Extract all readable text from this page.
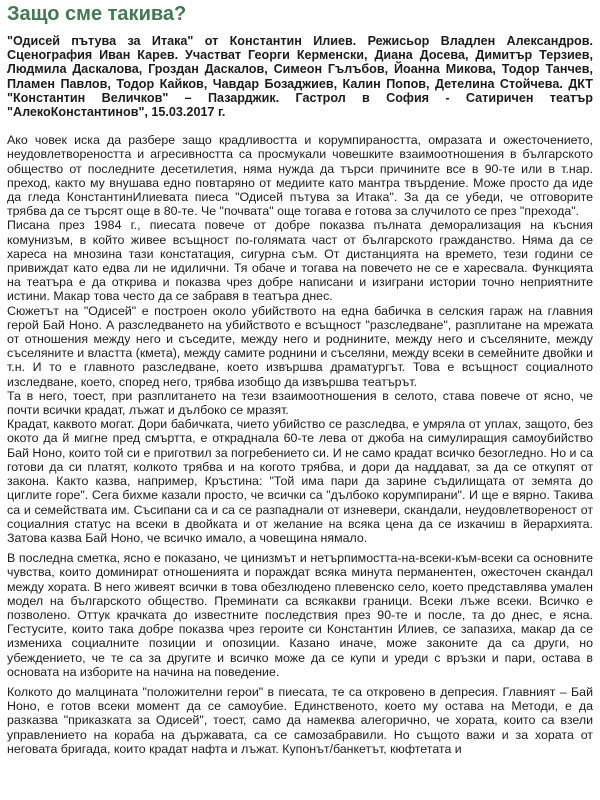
Защо сме такива?

"Одисей пътува за Итака" от Константин Илиев. Режисьор Владлен Александров. Сценография Иван Карев. Участват Георги Керменски, Диана Досева, Димитър Терзиев, Людмила Даскалова, Гроздан Даскалов, Симеон Гълъбов, Йоанна Микова, Тодор Танчев, Пламен Павлов, Тодор Кайков, Чавдар Бозаджиев, Калин Попов, Детелина Стойчева. ДКТ "Константин Величков" – Пазарджик. Гастрол в София - Сатиричен театър "АлекоКонстантинов", 15.03.2017 г.

Ако човек иска да разбере защо крадливостта и корумпираността, омразата и ожесточението, неудовлетвореността и агресивността са просмукали човешките взаимоотношения в българското общество от последните десетилетия, няма нужда да търси причините все в 90-те или в т.нар. преход, както му внушава едно повтаряно от медиите като мантра твърдение. Може просто да иде да гледа КонстантинИлиевата пиеса "Одисей пътува за Итака". За да се убеди, че отговорите трябва да се търсят още в 80-те. Че "почвата" още тогава е готова за случилото се през "прехода".

Писана през 1984 г., пиесата повече от добре показва пълната деморализация на късния комунизъм, в който живее всъщност по-голямата част от българското гражданство. Няма да се хареса на мнозина тази констатация, сигурна съм. От дистанцията на времето, тези години се привиждат като едва ли не идилични. Тя обаче и тогава на повечето не се е харесвала. Функцията на театъра е да открива и показва чрез добре написани и изиграни истории точно неприятните истини. Макар това често да се забравя в театъра днес.

Сюжетът на "Одисей" е построен около убийството на една бабичка в селския гараж на главния герой Бай Ноно. А разследването на убийството е всъщност "разследване", разплитане на мрежата от отношения между него и съседите, между него и роднините, между него и съселяните, между съселяните и властта (кмета), между самите роднини и съселяни, между всеки в семейните двойки и т.н. И то е главното разследване, което извършва драматургът. Това е всъщност социалното изследване, което, според него, трябва изобщо да извършва театърът.

Та в него, тоест, при разплитането на тези взаимоотношения в селото, става повече от ясно, че почти всички крадат, лъжат и дълбоко се мразят.

Крадат, каквото могат. Дори бабичката, чието убийство се разследва, е умряла от уплах, защото, без окото да й мигне пред смъртта, е откраднала 60-те лева от джоба на симулиращия самоубийство Бай Ноно, които той си е приготвил за погребението си. И не само крадат всичко безогледно. Но и са готови да си платят, колкото трябва и на когото трябва, и дори да наддават, за да се откупят от закона. Както казва, например, Кръстина: "Той има пари да зарине съдилищата от земята до циглите горе". Сега бихме казали просто, че всички са "дълбоко корумпирани". И ще е вярно. Такива са и семействата им. Съсипани са и са се разпаднали от изневери, скандали, неудовлетвореност от социалния статус на всеки в двойката и от желание на всяка цена да се изкачиш в йерархията. Затова казва Бай Ноно, че всичко имало, а човещина нямало.

В последна сметка, ясно е показано, че цинизмът и нетърпимостта-на-всеки-към-всеки са основните чувства, които доминират отношенията и пораждат всяка минута перманентен, ожесточен скандал между хората. В него живеят всички в това обезлюдено плевенско село, което представлява умален модел на българското общество. Преминати са всякакви граници. Всеки лъже всеки. Всичко е позволено. Оттук крачката до известните последствия през 90-те и после, та до днес, е ясна. Гестусите, които така добре показва чрез героите си Константин Илиев, се запазиха, макар да се измениха социалните позиции и опозиции. Казано иначе, може законите да са други, но убеждението, че те са за другите и всичко може да се купи и уреди с връзки и пари, остава в основата на изборите на начина на поведение.

Колкото до малцината "положителни герои" в пиесата, те са откровено в депресия. Главният – Бай Ноно, е готов всеки момент да се самоубие. Единственото, което му остава на Методи, е да разказва "приказката за Одисей", тоест, само да намеква алегорично, че хората, които са взели управлението на кораба на държавата, са се самозабравили. Но същото важи и за хората от неговата бригада, които крадат нафта и лъжат. Купонът/банкетът, кюфтетата и
